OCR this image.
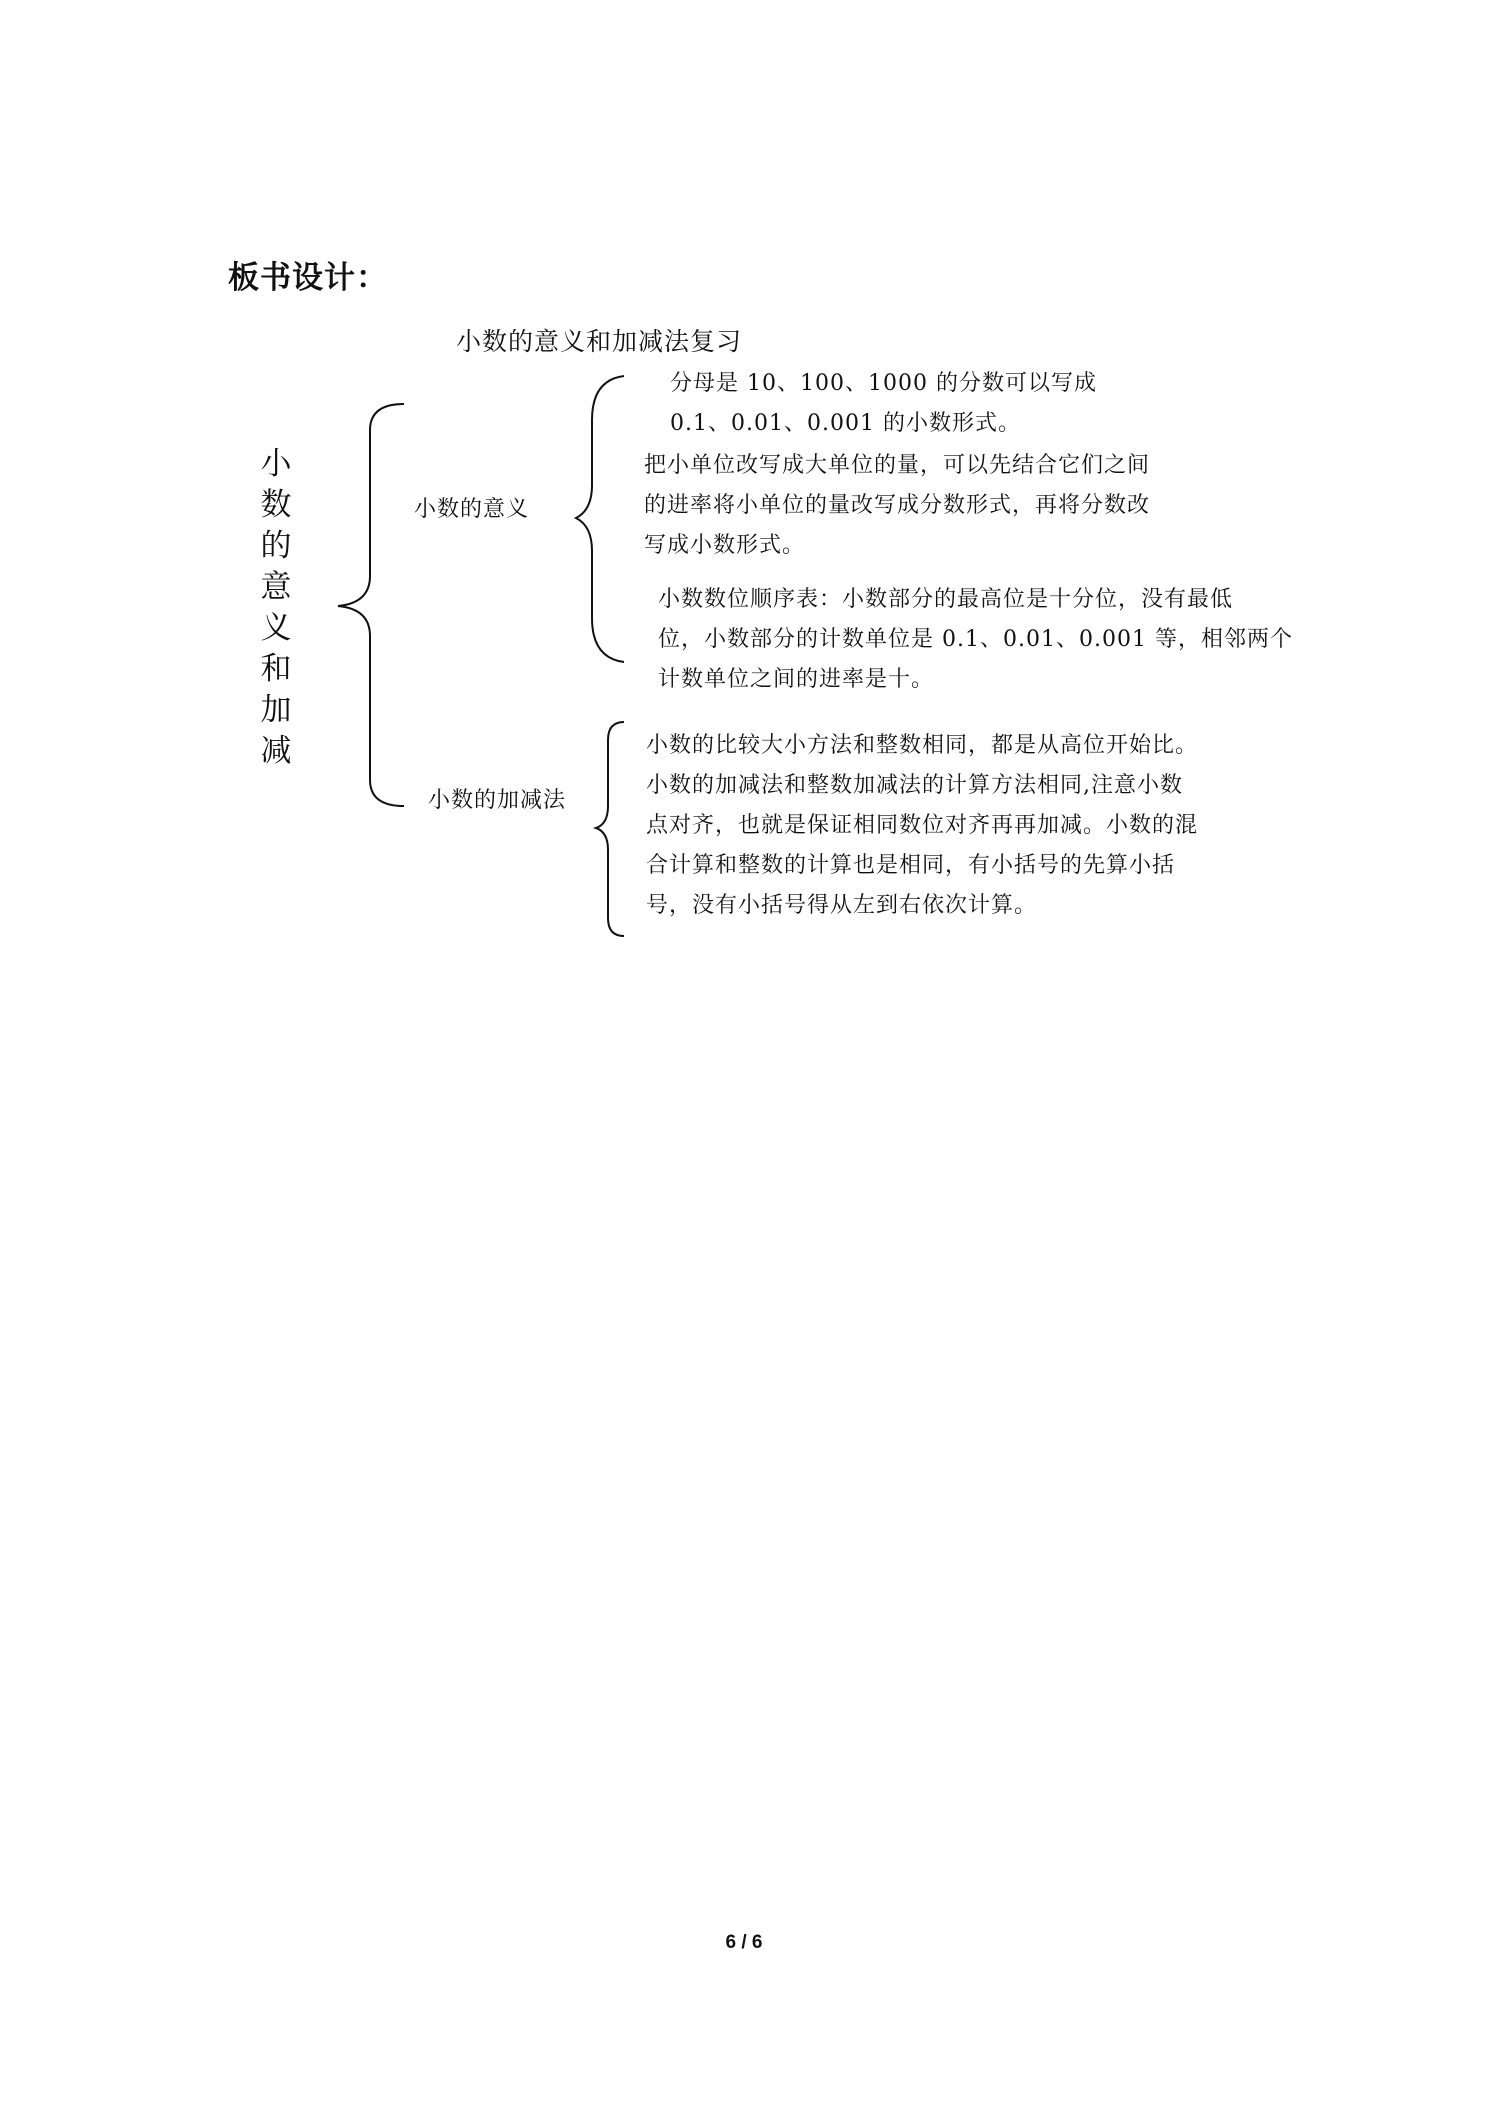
板书设计：
小数的意义和加减法复习
小数的意义和加减
小数的意义
小数的加减法
分母是 10、100、1000 的分数可以写成
0.1、0.01、0.001 的小数形式。
把小单位改写成大单位的量，可以先结合它们之间
的进率将小单位的量改写成分数形式，再将分数改
写成小数形式。
小数数位顺序表：小数部分的最高位是十分位，没有最低
位，小数部分的计数单位是 0.1、0.01、0.001 等，相邻两个
计数单位之间的进率是十。
小数的比较大小方法和整数相同，都是从高位开始比。
小数的加减法和整数加减法的计算方法相同,注意小数
点对齐，也就是保证相同数位对齐再再加减。小数的混
合计算和整数的计算也是相同，有小括号的先算小括
号，没有小括号得从左到右依次计算。
6 / 6
